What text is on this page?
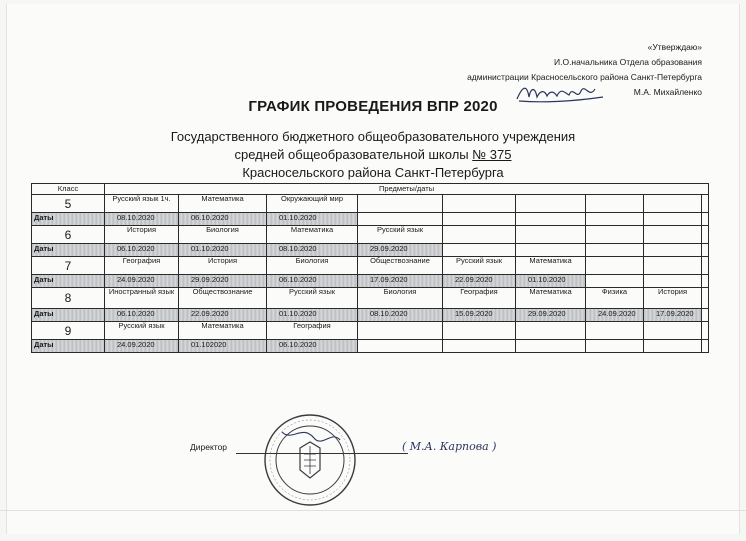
«Утверждаю»
И.О.начальника Отдела образования
администрации Красносельского района Санкт-Петербурга
М.А. Михайленко
ГРАФИК ПРОВЕДЕНИЯ ВПР 2020
Государственного бюджетного общеобразовательного учреждения
средней общеобразовательной школы № 375
Красносельского района Санкт-Петербурга
Класс	Предметы/даты								
5	Русский язык 1ч.	Математика	Окружающий мир						
Даты	08.10.2020	06.10.2020	01.10.2020						
6	История	Биология	Математика	Русский язык					
Даты	06.10.2020	01.10.2020	08.10.2020	29.09.2020					
7	География	История	Биология	Обществознание	Русский язык	Математика			
Даты	24.09.2020	29.09.2020	06.10.2020	17.09.2020	22.09.2020	01.10.2020			
8	Иностранный язык	Обществознание	Русский язык	Биология	География	Математика	Физика	История	
Даты	06.10.2020	22.09.2020	01.10.2020	08.10.2020	15.09.2020	29.09.2020	24.09.2020	17.09.2020	
9	Русский язык	Математика	География						
Даты	24.09.2020	01.102020	06.10.2020						
Директор	( М.А. Карпова )
